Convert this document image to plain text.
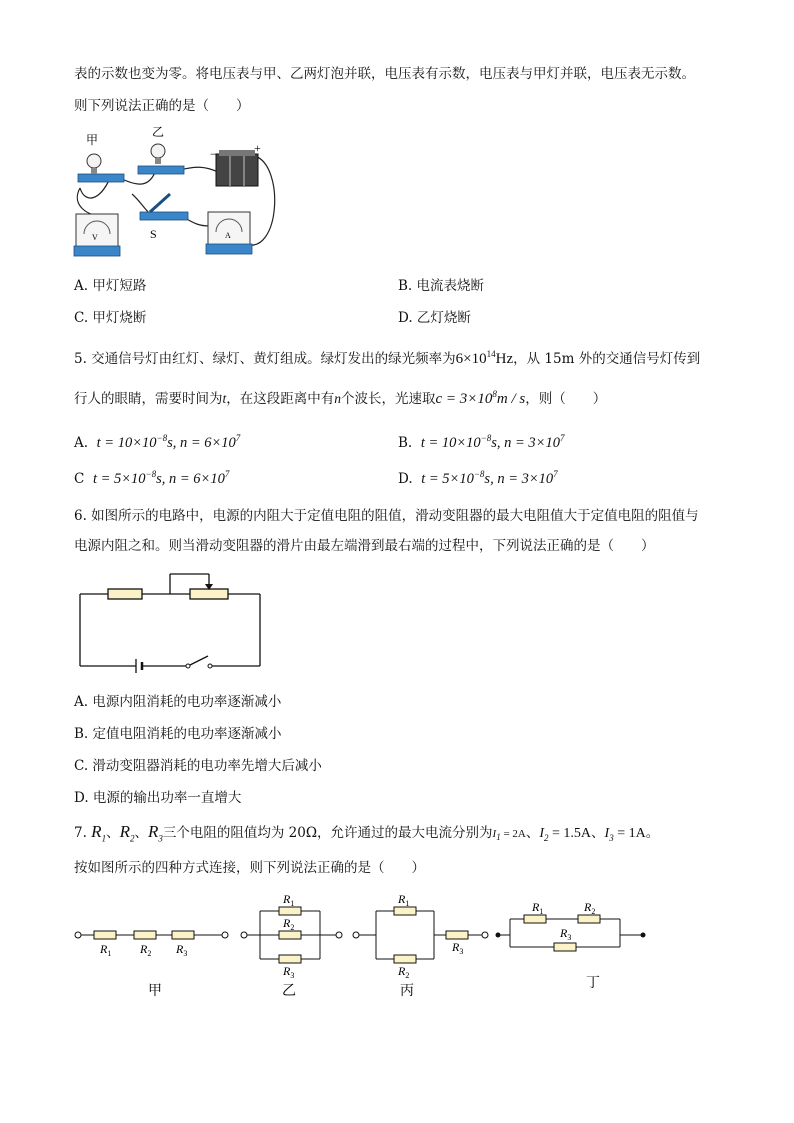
表的示数也变为零。将电压表与甲、乙两灯泡并联，电压表有示数，电压表与甲灯并联，电压表无示数。
则下列说法正确的是（　　）
甲
乙
−	+
S
V	A
A. 甲灯短路	B. 电流表烧断
C. 甲灯烧断	D. 乙灯烧断
5. 交通信号灯由红灯、绿灯、黄灯组成。绿灯发出的绿光频率为$6\times 10^{14}Hz$，从 15m 外的交通信号灯传到
行人的眼睛，需要时间为t，在这段距离中有n个波长，光速取$c = 3\times 10^8m / s$，则（　　）
A. $t = 10\times 10^{-8}s$, $n = 6\times 10^7$	B. $t = 10\times 10^{-8}s$, $n = 3\times 10^7$
C $t = 5\times 10^{-8}s$, $n = 6\times 10^7$	D. $t = 5\times 10^{-8}s$, $n = 3\times 10^7$
6. 如图所示的电路中，电源的内阻大于定值电阻的阻值，滑动变阻器的最大电阻值大于定值电阻的阻值与
电源内阻之和。则当滑动变阻器的滑片由最左端滑到最右端的过程中，下列说法正确的是（　　）
A. 电源内阻消耗的电功率逐渐减小
B. 定值电阻消耗的电功率逐渐减小
C. 滑动变阻器消耗的电功率先增大后减小
D. 电源的输出功率一直增大
7. $R_1$、$R_2$、$R_3$三个电阻的阻值均为 20Ω，允许通过的最大电流分别为$I_1 = 2A$、$I_2 = 1.5A$、$I_3 = 1A$。
按如图所示的四种方式连接，则下列说法正确的是（　　）
$R_1$ $R_2$ $R_3$
$R_1$
$R_2$
$R_3$
$R_1$
$R_2$
$R_3$
$R_1$	$R_2$
$R_3$
甲	乙	丙
丁
